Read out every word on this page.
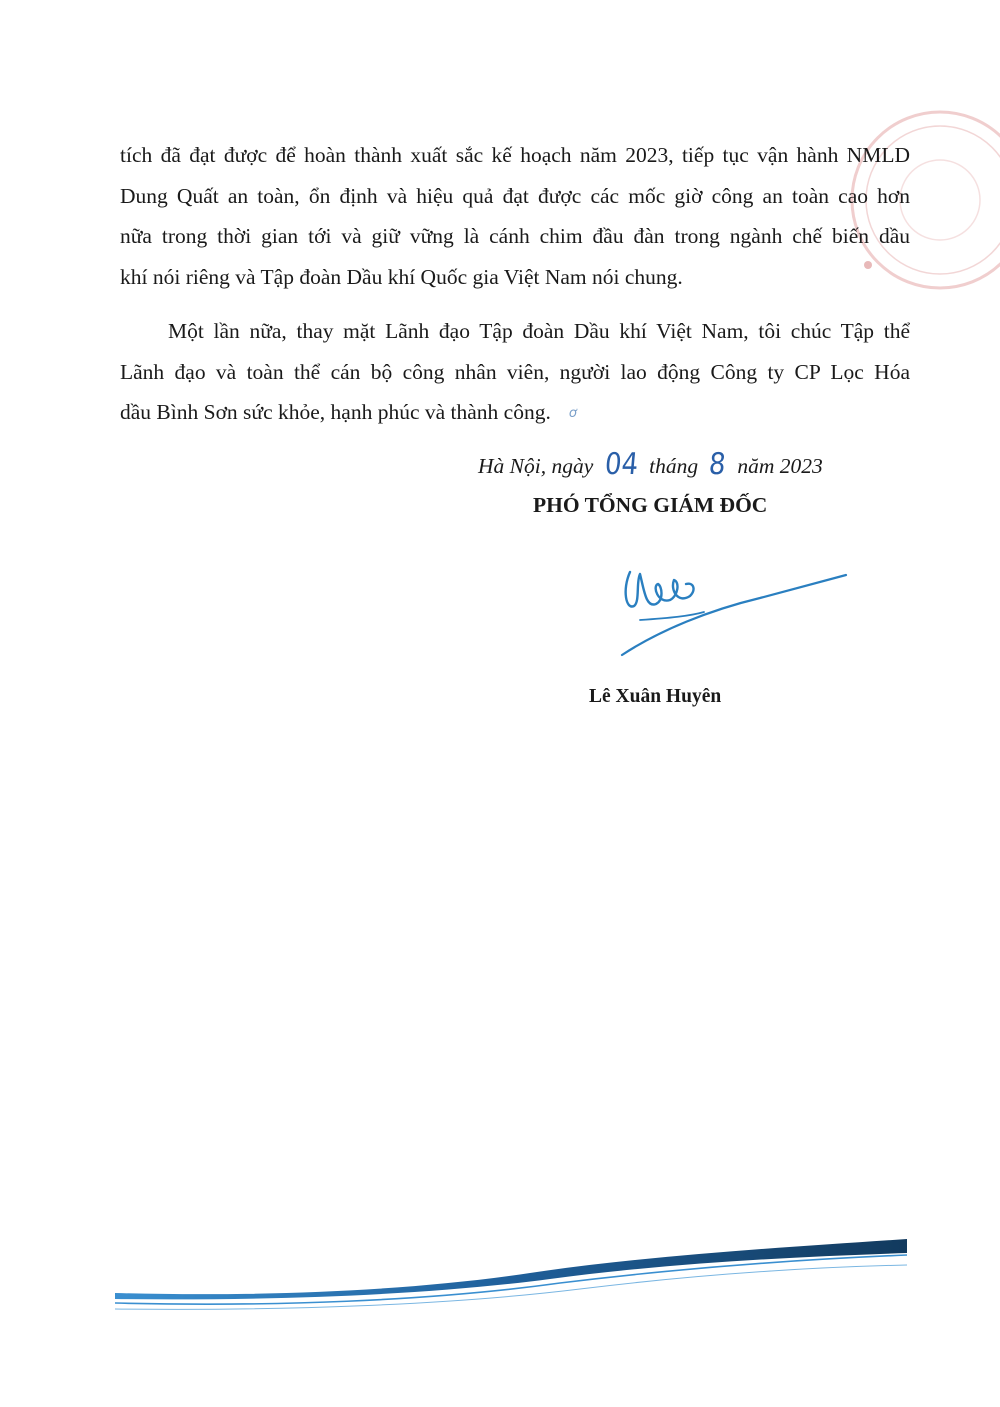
tích đã đạt được để hoàn thành xuất sắc kế hoạch năm 2023, tiếp tục vận hành NMLD
Dung Quất an toàn, ổn định và hiệu quả đạt được các mốc giờ công an toàn cao hơn
nữa trong thời gian tới và giữ vững là cánh chim đầu đàn trong ngành chế biến dầu
khí nói riêng và Tập đoàn Dầu khí Quốc gia Việt Nam nói chung.

Một lần nữa, thay mặt Lãnh đạo Tập đoàn Dầu khí Việt Nam, tôi chúc Tập thể
Lãnh đạo và toàn thể cán bộ công nhân viên, người lao động Công ty CP Lọc Hóa
dầu Bình Sơn sức khỏe, hạnh phúc và thành công. ơ

Hà Nội, ngày 04 tháng 8 năm 2023
PHÓ TỔNG GIÁM ĐỐC
Lê Xuân Huyên
